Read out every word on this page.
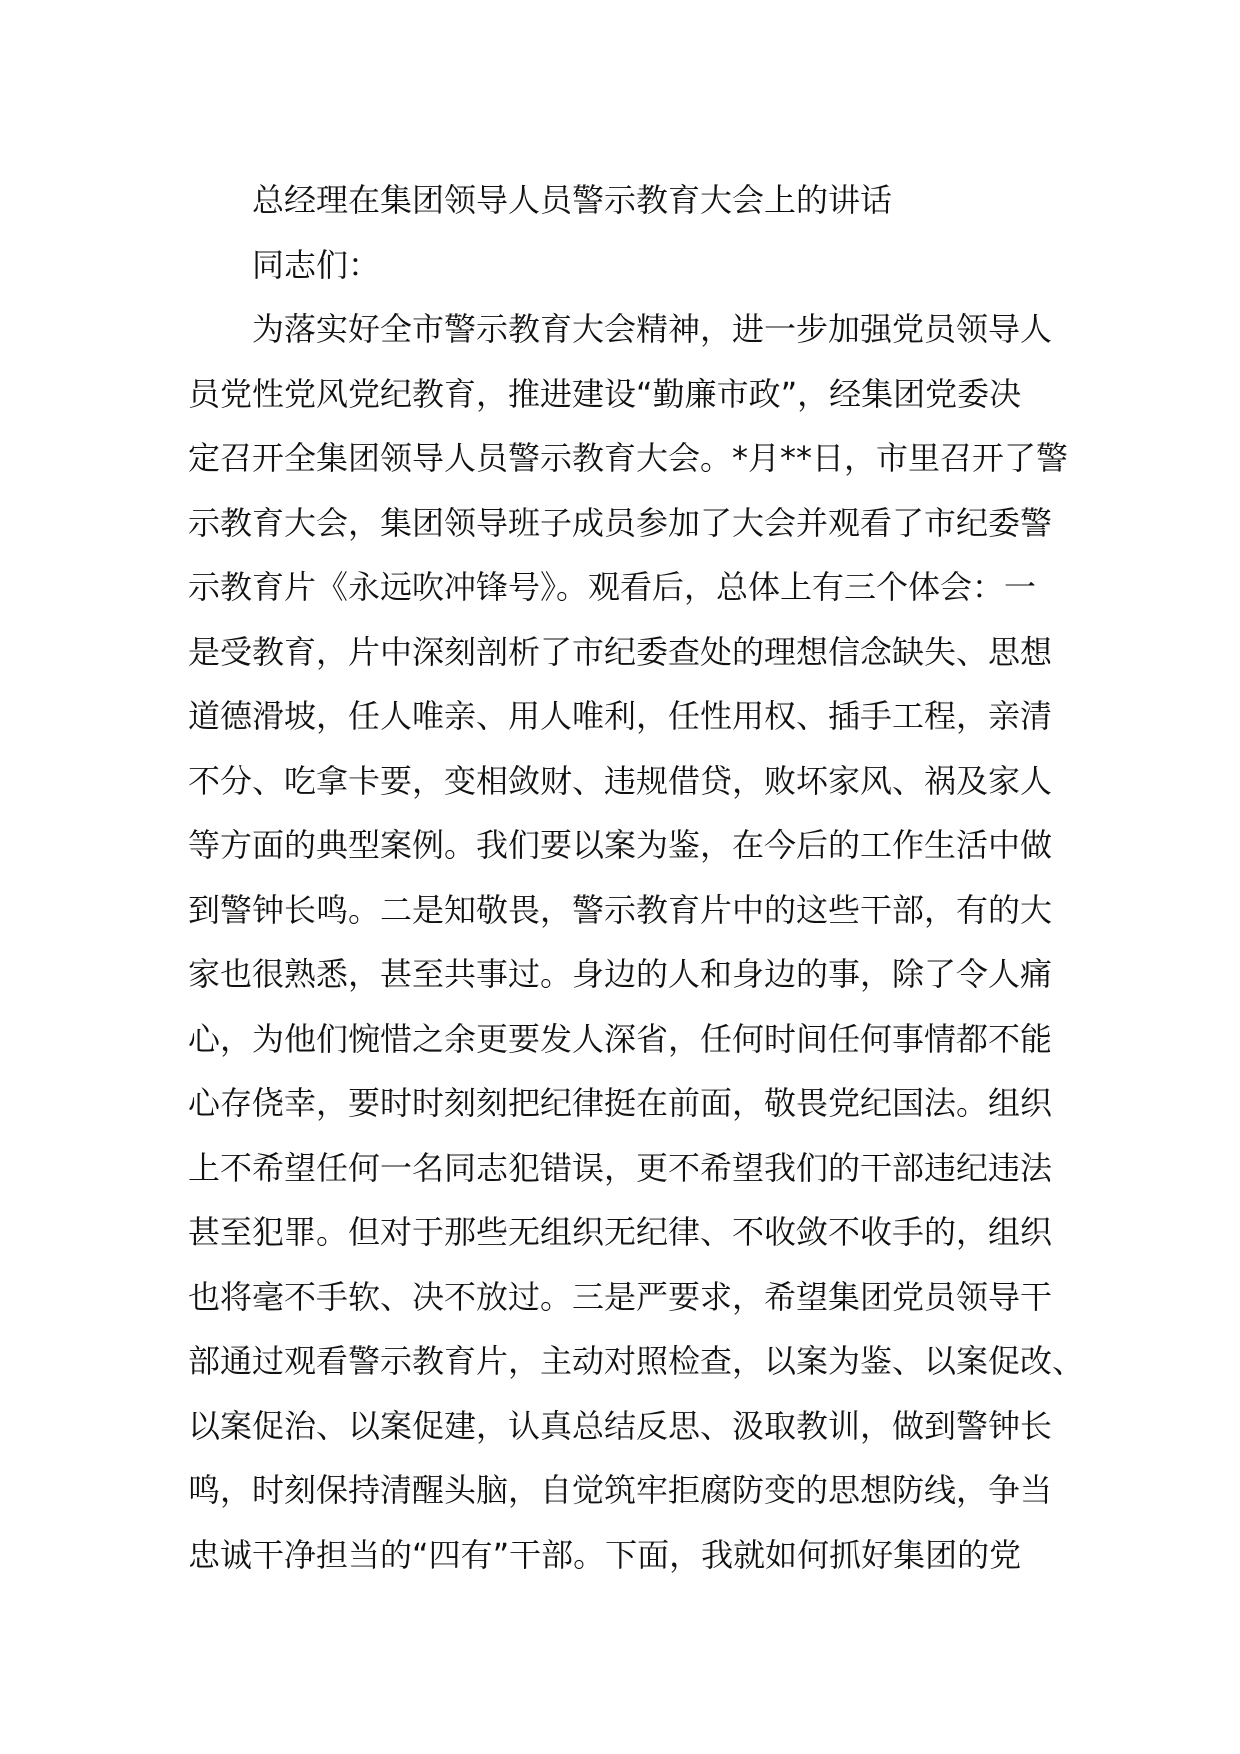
总经理在集团领导人员警示教育大会上的讲话
同志们：
为落实好全市警示教育大会精神，进一步加强党员领导人
员党性党风党纪教育，推进建设“勤廉市政”，经集团党委决
定召开全集团领导人员警示教育大会。*月**日，市里召开了警
示教育大会，集团领导班子成员参加了大会并观看了市纪委警
示教育片《永远吹冲锋号》。观看后，总体上有三个体会：一
是受教育，片中深刻剖析了市纪委查处的理想信念缺失、思想
道德滑坡，任人唯亲、用人唯利，任性用权、插手工程，亲清
不分、吃拿卡要，变相敛财、违规借贷，败坏家风、祸及家人
等方面的典型案例。我们要以案为鉴，在今后的工作生活中做
到警钟长鸣。二是知敬畏，警示教育片中的这些干部，有的大
家也很熟悉，甚至共事过。身边的人和身边的事，除了令人痛
心，为他们惋惜之余更要发人深省，任何时间任何事情都不能
心存侥幸，要时时刻刻把纪律挺在前面，敬畏党纪国法。组织
上不希望任何一名同志犯错误，更不希望我们的干部违纪违法
甚至犯罪。但对于那些无组织无纪律、不收敛不收手的，组织
也将毫不手软、决不放过。三是严要求，希望集团党员领导干
部通过观看警示教育片，主动对照检查，以案为鉴、以案促改、
以案促治、以案促建，认真总结反思、汲取教训，做到警钟长
鸣，时刻保持清醒头脑，自觉筑牢拒腐防变的思想防线，争当
忠诚干净担当的“四有”干部。下面，我就如何抓好集团的党
